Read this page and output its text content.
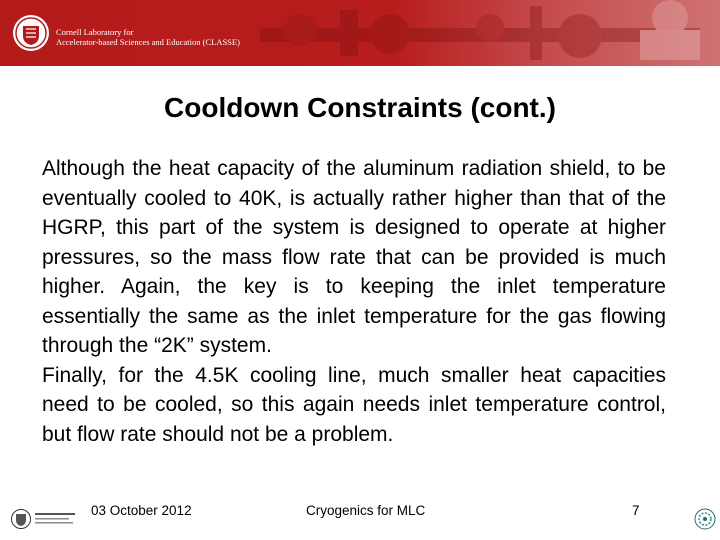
Cornell Laboratory for
Accelerator-based Sciences and Education (CLASSE)
Cooldown Constraints (cont.)

Although the heat capacity of the aluminum radiation shield, to be eventually cooled to 40K, is actually rather higher than that of the HGRP, this part of the system is designed to operate at higher pressures, so the mass flow rate that can be provided is much higher. Again, the key is to keeping the inlet temperature essentially the same as the inlet temperature for the gas flowing through the “2K” system.

Finally, for the 4.5K cooling line, much smaller heat capacities need to be cooled, so this again needs inlet temperature control, but flow rate should not be a problem.

03 October 2012	Cryogenics for MLC	7
